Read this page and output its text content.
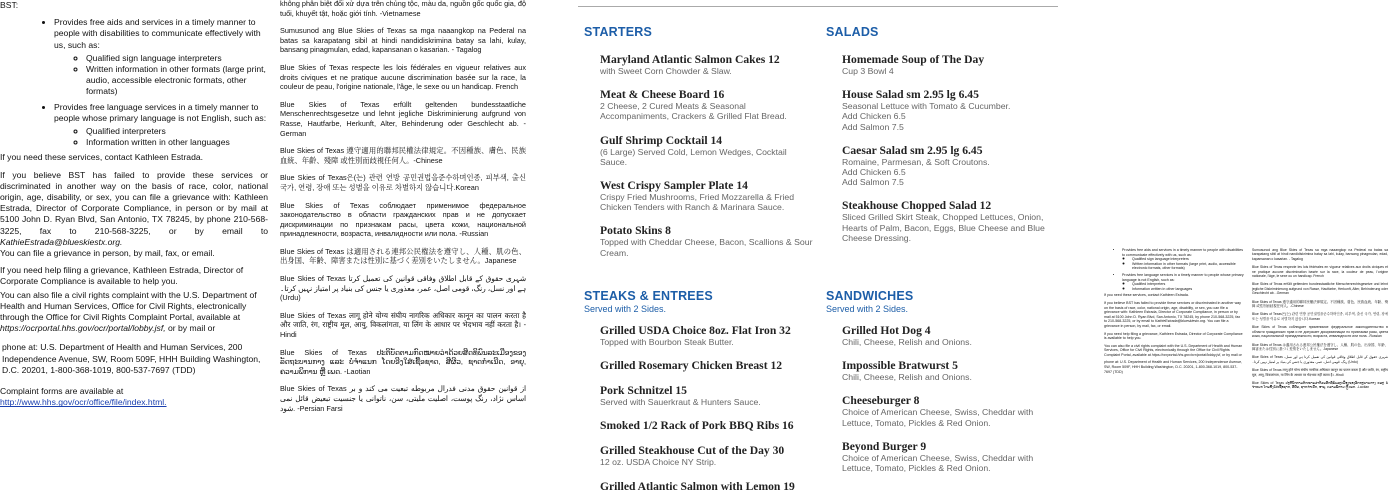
BST:

• Provides free aids and services in a timely manner to people with disabilities to communicate effectively with us, such as:
◦ Qualified sign language interpreters
◦ Written information in other formats (large print, audio, accessible electronic formats, other formats)
• Provides free language services in a timely manner to people whose primary language is not English, such as:
◦ Qualified interpreters
◦ Information written in other languages

If you need these services, contact Kathleen Estrada.

If you believe BST has failed to provide these services or discriminated in another way on the basis of race, color, national origin, age, disability, or sex, you can file a grievance with: Kathleen Estrada, Director of Corporate Compliance, in person or by mail at 5100 John D. Ryan Blvd, San Antonio, TX 78245, by phone 210-568-3225, fax to 210-568-3225, or by email to KathieEstrada@blueskiestx.org.
You can file a grievance in person, by mail, fax, or email.

If you need help filing a grievance, Kathleen Estrada, Director of Corporate Compliance is available to help you.

You can also file a civil rights complaint with the U.S. Department of Health and Human Services, Office for Civil Rights, electronically through the Office for Civil Rights Complaint Portal, available at
https://ocrportal.hhs.gov/ocr/portal/lobby.jsf, or by mail or

phone at: U.S. Department of Health and Human Services, 200 Independence Avenue, SW, Room 509F, HHH Building Washington, D.C. 20201, 1-800-368-1019, 800-537-7697 (TDD)

Complaint forms are available at
http://www.hhs.gov/ocr/office/file/index.html.

không phân biệt đối xử dựa trên chủng tộc, màu da, nguồn gốc quốc gia, độ tuổi, khuyết tật, hoặc giới tính. -Vietnamese

Sumusunod ang Blue Skies of Texas sa mga naaangkop na Pederal na batas sa karapatang sibil at hindi nandidiskrimina batay sa lahi, kulay, bansang pinagmulan, edad, kapansanan o kasarian. - Tagalog

Blue Skies of Texas respecte les lois fédérales en vigueur relatives aux droits civiques et ne pratique aucune discrimination basée sur la race, la couleur de peau, l'origine nationale, l'âge, le sexe ou un handicap. French

Blue Skies of Texas erfüllt geltenden bundesstaatliche Menschenrechtsgesetze und lehnt jegliche Diskriminierung aufgrund von Rasse, Hautfarbe, Herkunft, Alter, Behinderung oder Geschlecht ab. -German

Blue Skies of Texas 遵守適用的聯邦民權法律規定。不因種族、膚色、民族血統、年齡、殘障 或性別而歧視任何人。-Chinese

Blue Skies of Texas은(는) 관련 연방 공민권법을준수하며인종, 피부색, 출신 국가, 연령, 장애 또는 성별을 이유로 차별하지 않습니다.Korean

Blue Skies of Texas соблюдает применимое федеральное законодательство в области гражданских прав и не допускает дискриминации по признакам расы, цвета кожи, национальной принадлежности, возраста, инвалидности или пола. -Russian

Blue Skies of Texas は適用される連邦公民権法を遵守し、人種、肌の色、出身国、年齢、障害または性別に基づく差別をいたしません。Japanese

Blue Skies of Texas شہری حقوق کے قابل اطلاق وفاقی قوانین کی تعمیل کرتا ہے اور نسل، رنگ، قومی اصل، عمر، معذوری یا جنس کی بنیاد پر امتیاز نہیں کرتا۔ (Urdu)

Blue Skies of Texas लागू होने योग्य संघीय नागरिक अधिकार कानून का पालन करता है और जाति, रंग, राष्ट्रीय मूल, आयु, विकलांगता, या लिंग के आधार पर भेदभाव नहीं करता है। -Hindi

Blue Skies of Texas ປະຕິບັດຕາມກົດໝາຍວ່າດ້ວຍສິດທິພົນລະເມືອງຂອງລັດຖະບານກາງ ແລະ ບໍ່ຈຳແນກ ໂດຍອີງໃສ່ເຊື້ອຊາດ, ສີຜິວ, ຊາດກຳເນີດ, ອາຍຸ, ຄວາມພິການ ຫຼື ເພດ. -Laotian

Blue Skies of Texas از قوانین حقوق مدنی فدرال مربوطه تبعیت می کند و بر اساس نژاد، رنگ پوست، اصلیت ملیتی، سن، ناتوانی یا جنسیت تبعیض قائل نمی شود. -Persian Farsi

STARTERS
Maryland Atlantic Salmon Cakes 12
with Sweet Corn Chowder & Slaw.
Meat & Cheese Board 16
2 Cheese, 2 Cured Meats & Seasonal Accompaniments, Crackers & Grilled Flat Bread.
Gulf Shrimp Cocktail 14
(6 Large) Served Cold, Lemon Wedges, Cocktail Sauce.
West Crispy Sampler Plate 14
Crispy Fried Mushrooms, Fried Mozzarella & Fried Chicken Tenders with Ranch & Marinara Sauce.
Potato Skins 8
Topped with Cheddar Cheese, Bacon, Scallions & Sour Cream.
STEAKS & ENTREES
Served with 2 Sides.
Grilled USDA Choice 8oz. Flat Iron 32
Topped with Bourbon Steak Butter.
Grilled Rosemary Chicken Breast 12
Pork Schnitzel 15
Served with Sauerkraut & Hunters Sauce.
Smoked 1/2 Rack of Pork BBQ Ribs 16
Grilled Steakhouse Cut of the Day 30
12 oz. USDA Choice NY Strip.
Grilled Atlantic Salmon with Lemon 19
SALADS
Homemade Soup of The Day
Cup 3 Bowl 4
House Salad sm 2.95 lg 6.45
Seasonal Lettuce with Tomato & Cucumber.
Add Chicken 6.5
Add Salmon 7.5
Caesar Salad sm 2.95 lg 6.45
Romaine, Parmesan, & Soft Croutons.
Add Chicken 6.5
Add Salmon 7.5
Steakhouse Chopped Salad 12
Sliced Grilled Skirt Steak, Chopped Lettuces, Onion, Hearts of Palm, Bacon, Eggs, Blue Cheese and Blue Cheese Dressing.
SANDWICHES
Served with 2 Sides.
Grilled Hot Dog 4
Chili, Cheese, Relish and Onions.
Impossible Bratwurst 5
Chili, Cheese, Relish and Onions.
Cheeseburger 8
Choice of American Cheese, Swiss, Cheddar with Lettuce, Tomato, Pickles & Red Onion.
Beyond Burger 9
Choice of American Cheese, Swiss, Cheddar with Lettuce, Tomato, Pickles & Red Onion.
• Provides free aids and services in a timely manner to people with disabilities to communicate effectively with us, such as:
◦ Qualified sign language interpreters
◦ Written information in other formats (large print, audio, accessible electronic formats, other formats)
• Provides free language services in a timely manner to people whose primary language is not English, such as:
◦ Qualified interpreters
◦ Information written in other languages

If you need these services, contact Kathleen Estrada.

If you believe BST has failed to provide these services or discriminated in another way on the basis of race, color, national origin, age, disability, or sex, you can file a grievance with: Kathleen Estrada, Director of Corporate Compliance, in person or by mail at 5100 John D. Ryan Blvd, San Antonio, TX 78245, by phone 210-568-3225, fax to 210-568-3225, or by email to KathieEstrada@blueskiestx.org. You can file a grievance in person, by mail, fax, or email.

If you need help filing a grievance, Kathleen Estrada, Director of Corporate Compliance is available to help you.

You can also file a civil rights complaint with the U.S. Department of Health and Human Services, Office for Civil Rights, electronically through the Office for Civil Rights Complaint Portal, available at https://ocrportal.hhs.gov/ocr/portal/lobby.jsf, or by mail or

phone at: U.S. Department of Health and Human Services, 200 Independence Avenue, SW, Room 509F, HHH Building Washington, D.C. 20201, 1-800-368-1019, 800-537-7697 (TDD)

Sumusunod ang Blue Skies of Texas sa mga naaangkop na Pederal na batas sa karapatang sibil at hindi nandidiskrimina batay sa lahi, kulay, bansang pinagmulan, edad, kapansanan o kasarian. - Tagalog

Blue Skies of Texas respecte les lois fédérales en vigueur relatives aux droits civiques et ne pratique aucune discrimination basée sur la race, la couleur de peau, l'origine nationale, l'âge, le sexe ou un handicap. French

Blue Skies of Texas erfüllt geltenden bundesstaatliche Menschenrechtsgesetze und lehnt jegliche Diskriminierung aufgrund von Rasse, Hautfarbe, Herkunft, Alter, Behinderung oder Geschlecht ab. -German

Blue Skies of Texas 遵守適用的聯邦民權法律規定。不因種族、膚色、民族血統、年齡、殘障 或性別而歧視任何人。-Chinese

Blue Skies of Texas은(는) 관련 연방 공민권법을준수하며인종, 피부색, 출신 국가, 연령, 장애 또는 성별을 이유로 차별하지 않습니다.Korean

Blue Skies of Texas соблюдает применимое федеральное законодательство в области гражданских прав и не допускает дискриминации по признакам расы, цвета кожи, национальной принадлежности, возраста, инвалидности или пола. -Russian

Blue Skies of Texas は適用される連邦公民権法を遵守し、人種、肌の色、出身国、年齢、障害または性別に基づく差別をいたしません。Japanese

Blue Skies of Texas شہری حقوق کے قابل اطلاق وفاقی قوانین کی تعمیل کرتا ہے اور نسل، رنگ، قومی اصل، عمر، معذوری یا جنس کی بنیاد پر امتیاز نہیں کرتا۔ (Urdu)

Blue Skies of Texas लागू होने योग्य संघीय नागरिक अधिकार कानून का पालन करता है और जाति, रंग, राष्ट्रीय मूल, आयु, विकलांगता, या लिंग के आधार पर भेदभाव नहीं करता है। -Hindi

Blue Skies of Texas ປະຕິບັດຕາມກົດໝາຍວ່າດ້ວຍສິດທິພົນລະເມືອງຂອງລັດຖະບານກາງ ແລະ ບໍ່ຈຳແນກ ໂດຍອີງໃສ່ເຊື້ອຊາດ, ສີຜິວ, ຊາດກຳເນີດ, ອາຍຸ, ຄວາມພິການ ຫຼື ເພດ. -Laotian
